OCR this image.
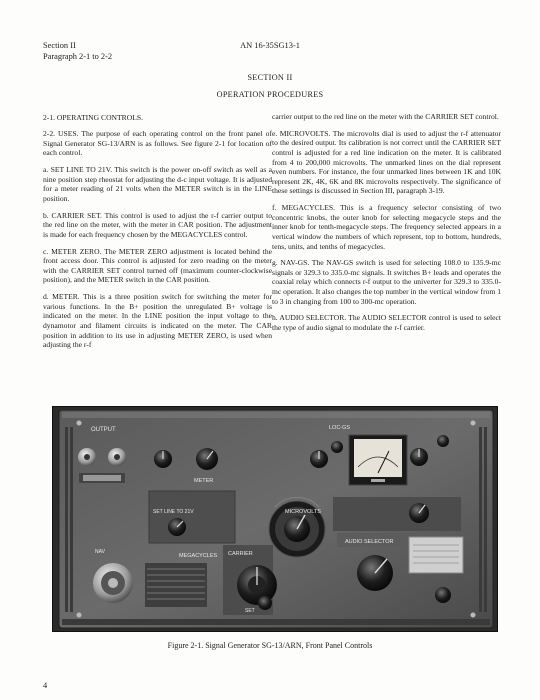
Section II
Paragraph 2-1 to 2-2
AN 16-35SG13-1
SECTION II
OPERATION PROCEDURES

2-1. OPERATING CONTROLS.

2-2. USES. The purpose of each operating control on the front panel of Signal Generator SG-13/ARN is as follows. See figure 2-1 for location of each control.

a. SET LINE TO 21V. This switch is the power on-off switch as well as a nine position step rheostat for adjusting the d-c input voltage. It is adjusted for a meter reading of 21 volts when the METER switch is in the LINE position.

b. CARRIER SET. This control is used to adjust the r-f carrier output to the red line on the meter, with the meter in CAR position. The adjustment is made for each frequency chosen by the MEGACYCLES control.

c. METER ZERO. The METER ZERO adjustment is located behind the front access door. This control is adjusted for zero reading on the meter with the CARRIER SET control turned off (maximum counter-clockwise position), and the METER switch in the CAR position.

d. METER. This is a three position switch for switching the meter for various functions. In the B+ position the unregulated B+ voltage is indicated on the meter. In the LINE position the input voltage to the dynamotor and filament circuits is indicated on the meter. The CAR position in addition to its use in adjusting METER ZERO, is used when adjusting the r-f

carrier output to the red line on the meter with the CARRIER SET control.

e. MICROVOLTS. The microvolts dial is used to adjust the r-f attenuator to the desired output. Its calibration is not correct until the CARRIER SET control is adjusted for a red line indication on the meter. It is calibrated from 4 to 200,000 microvolts. The unmarked lines on the dial represent even numbers. For instance, the four unmarked lines between 1K and 10K represent 2K, 4K, 6K and 8K microvolts respectively. The significance of these settings is discussed in Section III, paragraph 3-19.

f. MEGACYCLES. This is a frequency selector consisting of two concentric knobs, the outer knob for selecting megacycle steps and the inner knob for tenth-megacycle steps. The frequency selected appears in a vertical window the numbers of which represent, top to bottom, hundreds, tens, units, and tenths of megacycles.

g. NAV-GS. The NAV-GS switch is used for selecting 108.0 to 135.9-mc signals or 329.3 to 335.0-mc signals. It switches B+ leads and operates the coaxial relay which connects r-f output to the univerter for 329.3 to 335.0-mc operation. It also changes the top number in the vertical window from 1 to 3 in changing from 100 to 300-mc operation.

h. AUDIO SELECTOR. The AUDIO SELECTOR control is used to select the type of audio signal to modulate the r-f carrier.

OUTPUT
METER
SET LINE TO 21V
LOC-GS
MICROVOLTS
AUDIO SELECTOR
MEGACYCLES CARRIER
SET
NAV
Figure 2-1. Signal Generator SG-13/ARN, Front Panel Controls
4
